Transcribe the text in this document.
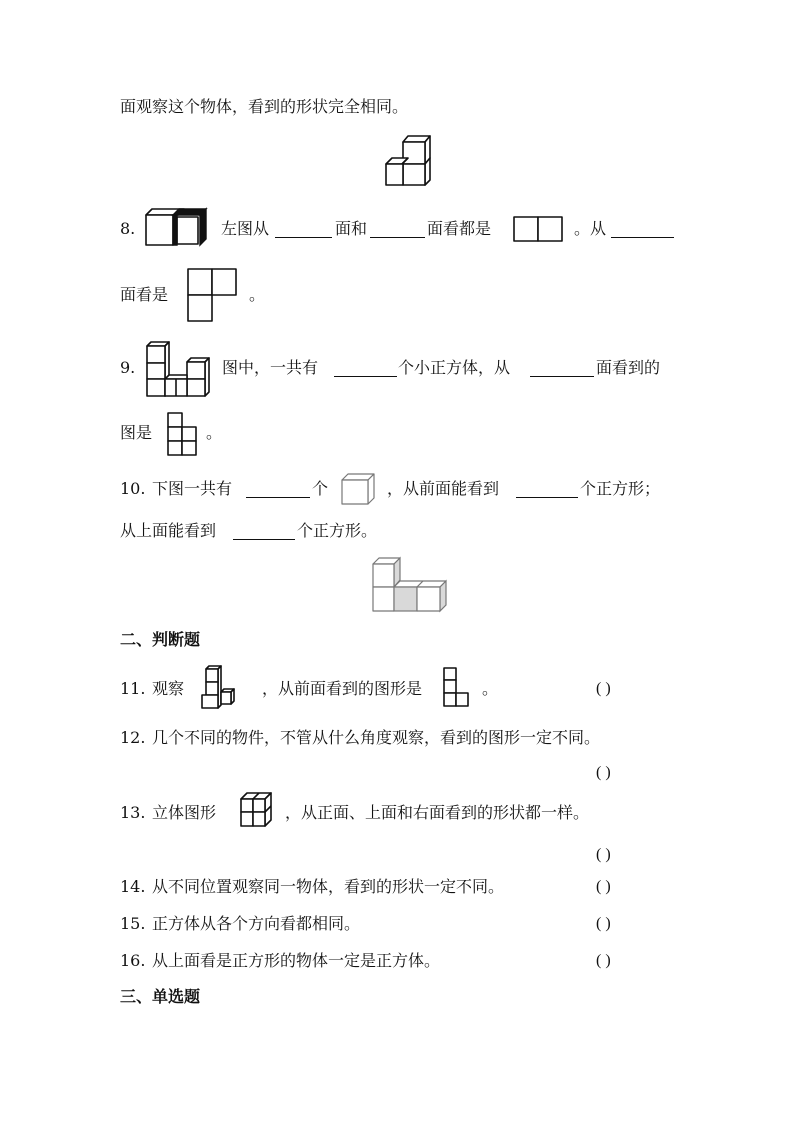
面观察这个物体，看到的形状完全相同。
8.	左图从	面和	面看都是	。从
面看是	。
9.	图中，一共有	个小正方体，从	面看到的
图是	。
10. 下图一共有	个	，从前面能看到	个正方形；
从上面能看到	个正方形。
二、判断题
11. 观察	，从前面看到的图形是	。	( )
12. 几个不同的物件，不管从什么角度观察，看到的图形一定不同。
( )
13. 立体图形	，从正面、上面和右面看到的形状都一样。
( )
14. 从不同位置观察同一物体，看到的形状一定不同。	( )
15. 正方体从各个方向看都相同。	( )
16. 从上面看是正方形的物体一定是正方体。	( )
三、单选题
